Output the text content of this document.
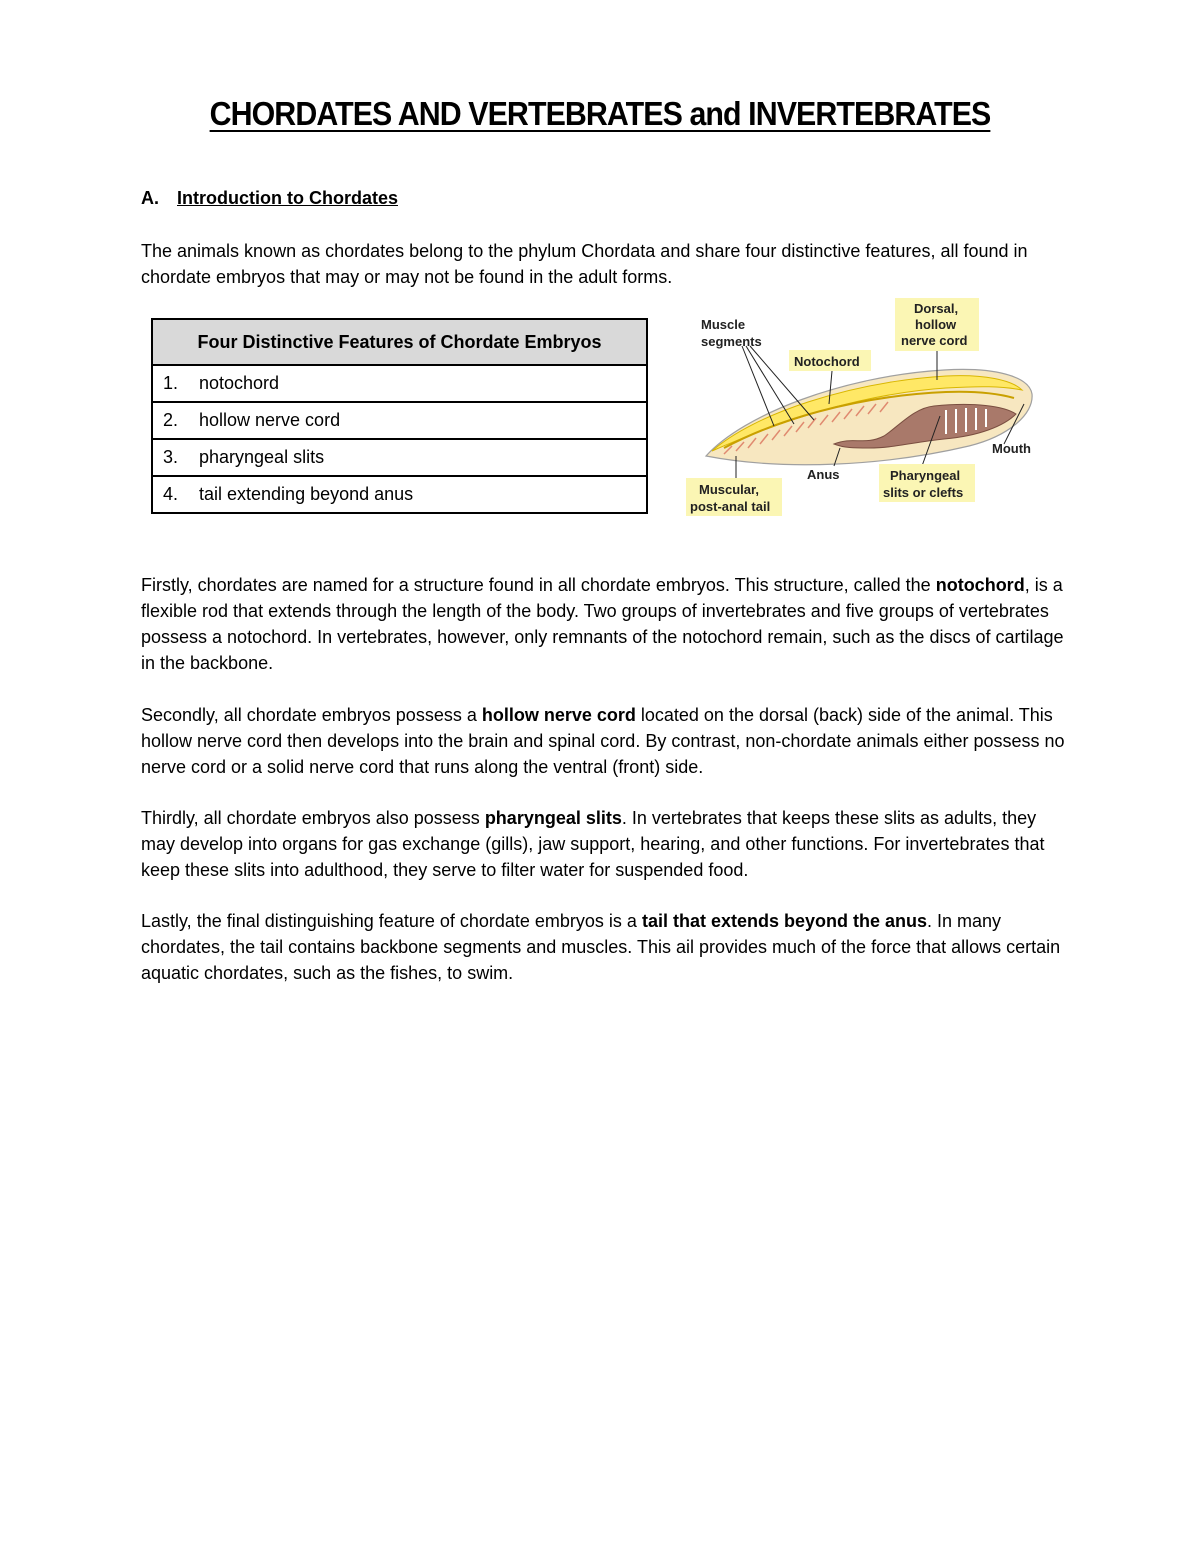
CHORDATES AND VERTEBRATES and INVERTEBRATES
A. Introduction to Chordates
The animals known as chordates belong to the phylum Chordata and share four distinctive features, all found in chordate embryos that may or may not be found in the adult forms.
Four Distinctive Features of Chordate Embryos
1. notochord
2. hollow nerve cord
3. pharyngeal slits
4. tail extending beyond anus
Muscle
segments
Notochord
Dorsal,
hollow
nerve cord
Mouth
Anus	Pharyngeal
slits or clefts
Muscular,
post-anal tail
Firstly, chordates are named for a structure found in all chordate embryos. This structure, called the notochord, is a flexible rod that extends through the length of the body. Two groups of invertebrates and five groups of vertebrates possess a notochord. In vertebrates, however, only remnants of the notochord remain, such as the discs of cartilage in the backbone.
Secondly, all chordate embryos possess a hollow nerve cord located on the dorsal (back) side of the animal. This hollow nerve cord then develops into the brain and spinal cord. By contrast, non-chordate animals either possess no nerve cord or a solid nerve cord that runs along the ventral (front) side.
Thirdly, all chordate embryos also possess pharyngeal slits. In vertebrates that keeps these slits as adults, they may develop into organs for gas exchange (gills), jaw support, hearing, and other functions. For invertebrates that keep these slits into adulthood, they serve to filter water for suspended food.
Lastly, the final distinguishing feature of chordate embryos is a tail that extends beyond the anus. In many chordates, the tail contains backbone segments and muscles. This ail provides much of the force that allows certain aquatic chordates, such as the fishes, to swim.
